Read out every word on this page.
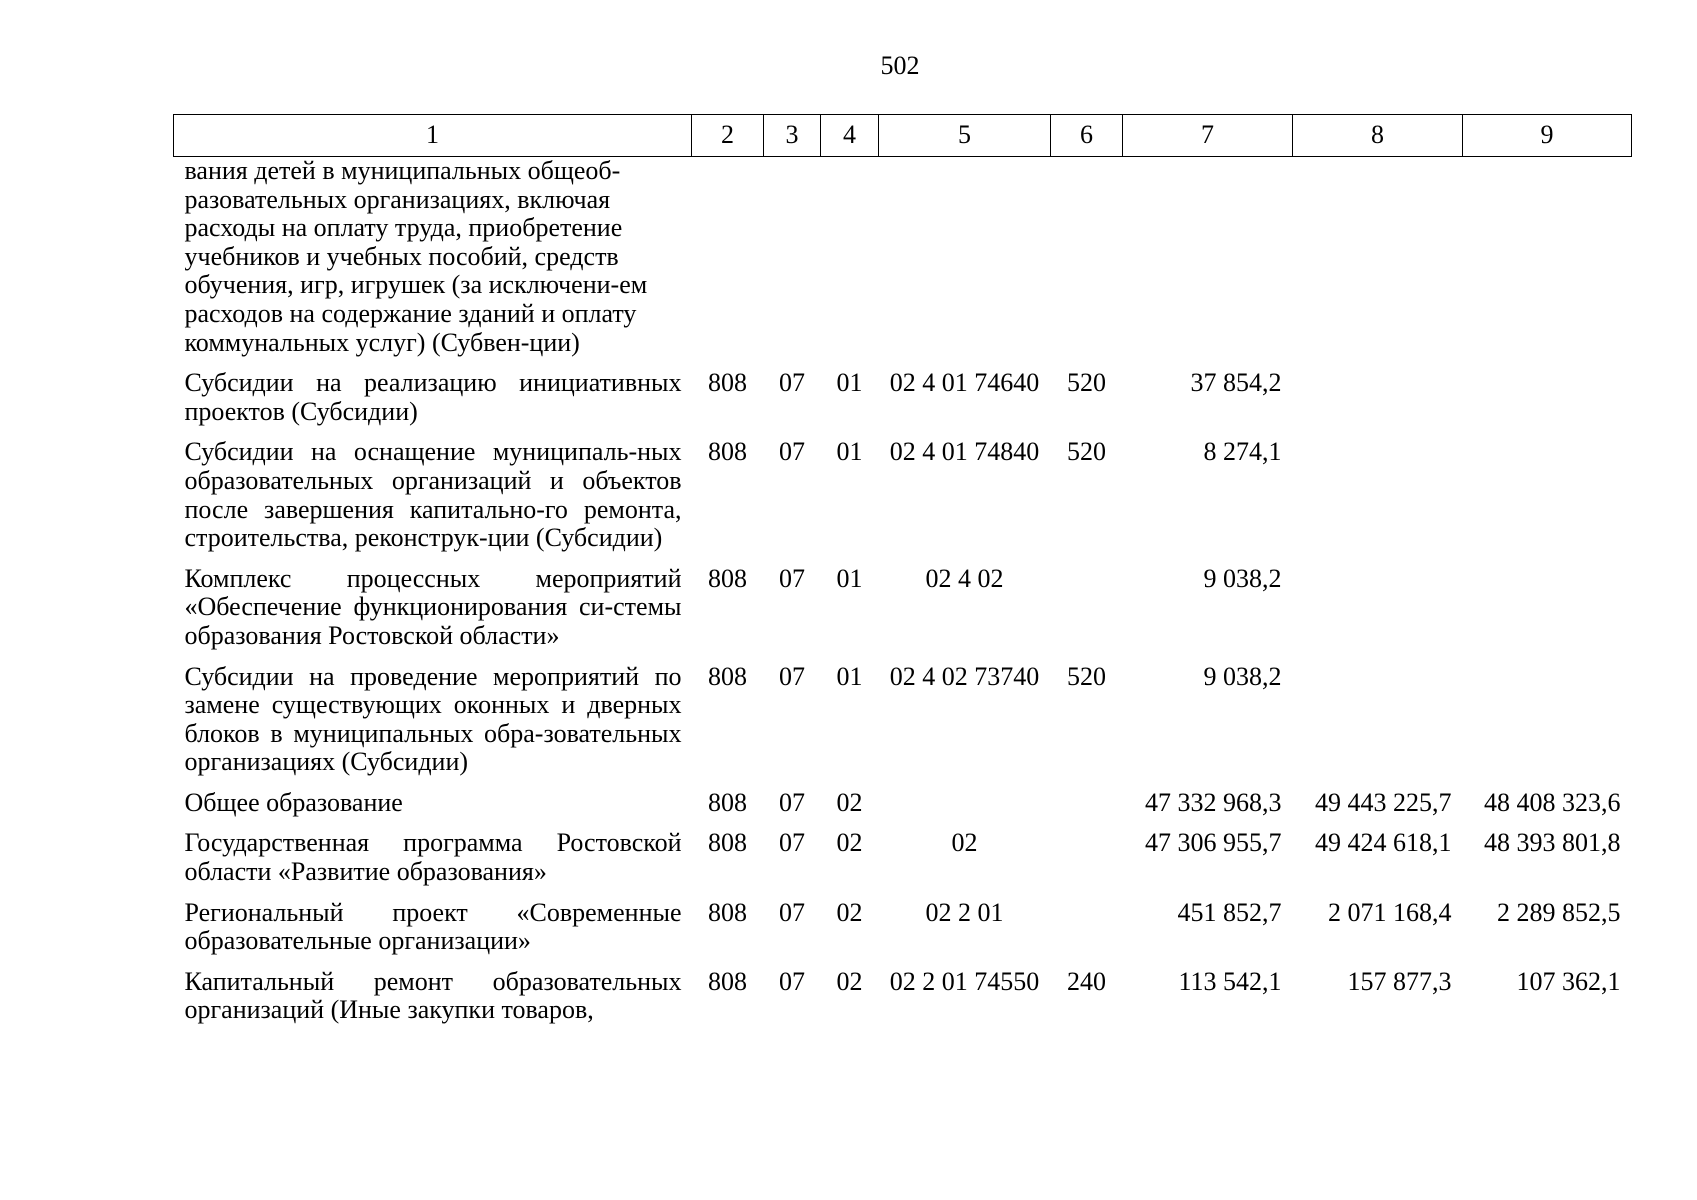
502
1	2	3	4	5	6	7	8	9
вания детей в муниципальных общеоб-разовательных организациях, включая расходы на оплату труда, приобретение учебников и учебных пособий, средств обучения, игр, игрушек (за исключени-ем расходов на содержание зданий и оплату коммунальных услуг) (Субвен-ции)								
Субсидии на реализацию инициативных проектов (Субсидии)	808	07	01	02 4 01 74640	520	37 854,2		
Субсидии на оснащение муниципаль-ных образовательных организаций и объектов после завершения капитально-го ремонта, строительства, реконструк-ции (Субсидии)	808	07	01	02 4 01 74840	520	8 274,1		
Комплекс процессных мероприятий «Обеспечение функционирования си-стемы образования Ростовской области»	808	07	01	02 4 02		9 038,2		
Субсидии на проведение мероприятий по замене существующих оконных и дверных блоков в муниципальных обра-зовательных организациях (Субсидии)	808	07	01	02 4 02 73740	520	9 038,2		
Общее образование	808	07	02			47 332 968,3	49 443 225,7	48 408 323,6
Государственная программа Ростовской области «Развитие образования»	808	07	02	02		47 306 955,7	49 424 618,1	48 393 801,8
Региональный проект «Современные образовательные организации»	808	07	02	02 2 01		451 852,7	2 071 168,4	2 289 852,5
Капитальный ремонт образовательных организаций (Иные закупки товаров,	808	07	02	02 2 01 74550	240	113 542,1	157 877,3	107 362,1
